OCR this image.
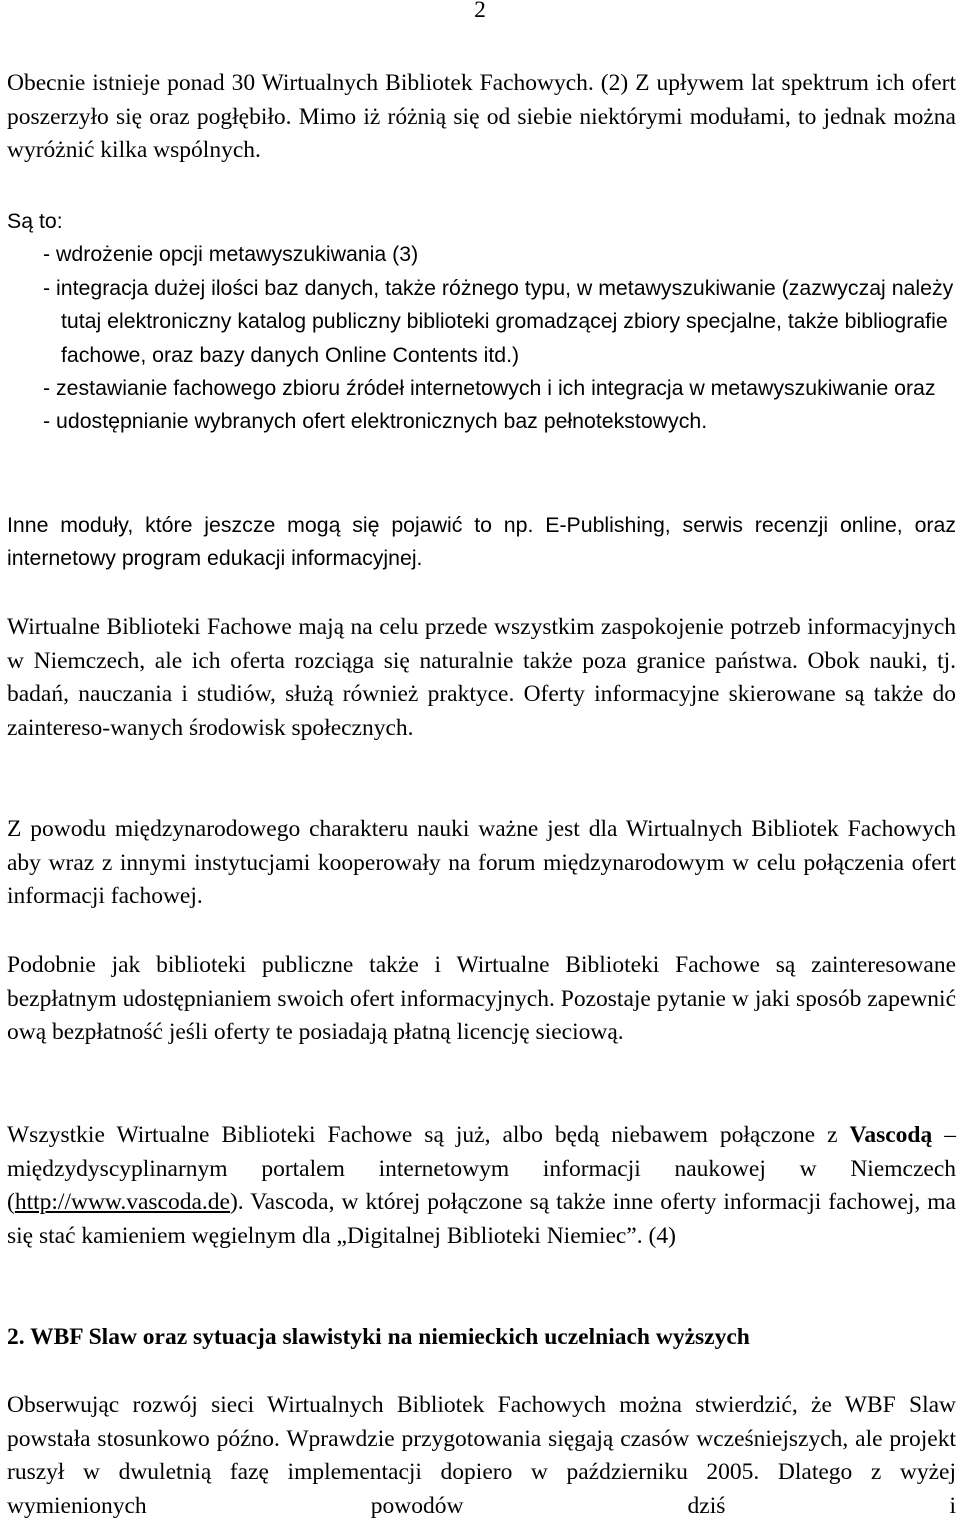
2
Obecnie istnieje ponad 30 Wirtualnych Bibliotek Fachowych. (2) Z upływem lat spektrum ich ofert poszerzyło się oraz pogłębiło. Mimo iż różnią się od siebie niektórymi modułami, to jednak można wyróżnić kilka wspólnych.
Są to:
- wdrożenie opcji metawyszukiwania (3)
- integracja dużej ilości baz danych, także różnego typu, w metawyszukiwanie (zazwyczaj należy tutaj elektroniczny katalog publiczny biblioteki gromadzącej zbiory specjalne, także bibliografie fachowe, oraz bazy danych Online Contents itd.)
- zestawianie fachowego zbioru źródeł internetowych i ich integracja w metawyszukiwanie oraz
- udostępnianie wybranych ofert elektronicznych baz pełnotekstowych.
Inne moduły, które jeszcze mogą się pojawić to np. E-Publishing, serwis recenzji online, oraz internetowy program edukacji informacyjnej.
Wirtualne Biblioteki Fachowe mają na celu przede wszystkim zaspokojenie potrzeb informacyjnych w Niemczech, ale ich oferta rozciąga się naturalnie także poza granice państwa. Obok nauki, tj. badań, nauczania i studiów, służą również praktyce. Oferty informacyjne skierowane są także do zaintereso-wanych środowisk społecznych.
Z powodu międzynarodowego charakteru nauki ważne jest dla Wirtualnych Bibliotek Fachowych aby wraz z innymi instytucjami kooperowały na forum międzynarodowym w celu połączenia ofert informacji fachowej.
Podobnie jak biblioteki publiczne także i Wirtualne Biblioteki Fachowe są zainteresowane bezpłatnym udostępnianiem swoich ofert informacyjnych. Pozostaje pytanie w jaki sposób zapewnić ową bezpłatność jeśli oferty te posiadają płatną licencję sieciową.
Wszystkie Wirtualne Biblioteki Fachowe są już, albo będą niebawem połączone z Vascodą – międzydyscyplinarnym portalem internetowym informacji naukowej w Niemczech (http://www.vascoda.de). Vascoda, w której połączone są także inne oferty informacji fachowej, ma się stać kamieniem węgielnym dla „Digitalnej Biblioteki Niemiec”. (4)
2. WBF Slaw oraz sytuacja slawistyki na niemieckich uczelniach wyższych
Obserwując rozwój sieci Wirtualnych Bibliotek Fachowych można stwierdzić, że WBF Slaw powstała stosunkowo późno. Wprawdzie przygotowania sięgają czasów wcześniejszych, ale projekt ruszył w dwuletnią fazę implementacji dopiero w październiku 2005. Dlatego z wyżej wymienionych powodów dziś i
